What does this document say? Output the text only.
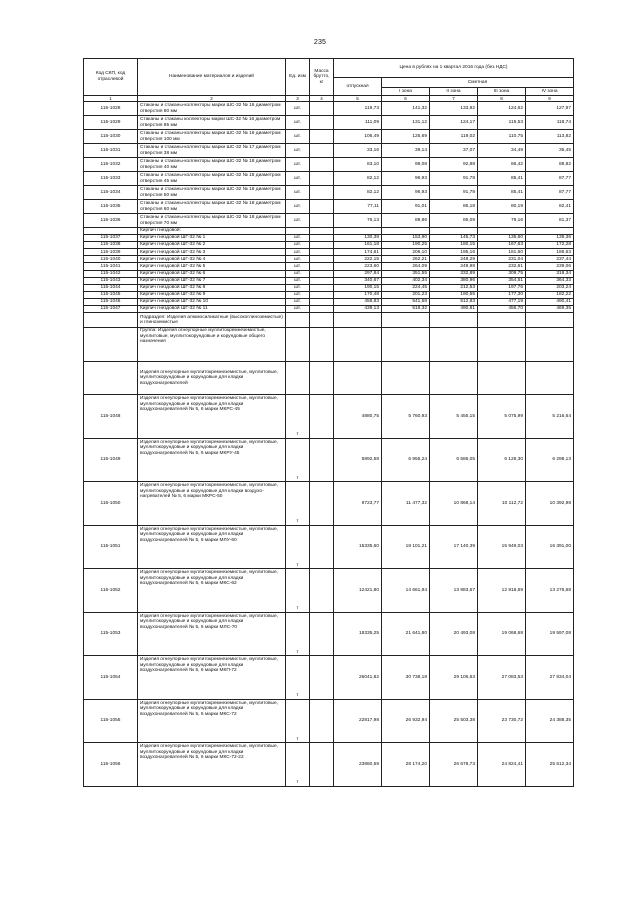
235
Код СКП, код отраслевой	Наименование материалов и изделий	Ед. изм	Масса брутто, кг	Цена в рублях на 1 квартал 2016 года (без НДС)				
				отпускная	Сметная			
					I зона	II зона	III зона	IV зона
1	2	3	4	5	6	7	8	9
115-1028	Стаканы и стаканы-коллекторы марки ШС-32 № 16 диаметром отверстия 80 мм	шт.		119,73	141,32	133,82	124,62	127,97
115-1029	Стаканы и стаканы коллекторы марки ШС-32 № 16 диаметром отверстия 85 мм	шт.		111,09	131,12	124,17	115,53	118,74
115-1030	Стаканы и стаканы-коллекторы марки ШС-32 № 16 диаметром отверстия 100 мм	шт.		106,49	125,69	119,02	110,75	113,82
115-1031	Стаканы и стаканы-коллекторы марки ШС-32 № 17 диаметром отверстия 38 мм	шт.		33,16	39,14	37,07	34,49	35,45
115-1032	Стаканы и стаканы-коллекторы марки ШС-32 № 18 диаметром отверстия 40 мм	шт.		83,10	98,08	92,88	86,42	88,82
115-1033	Стаканы и стаканы-коллекторы марки ШС-32 № 18 диаметром отверстия 45 мм	шт.		82,12	96,93	91,78	85,41	87,77
115-1034	Стаканы и стаканы-коллекторы марки ШС-32 № 18 диаметром отверстия 50 мм	шт.		82,12	96,93	91,78	85,41	87,77
115-1035	Стаканы и стаканы-коллекторы марки ШС-32 № 18 диаметром отверстия 60 мм	шт.		77,11	91,01	86,18	80,19	82,41
115-1036	Стаканы и стаканы-коллекторы марки ШС-32 № 18 диаметром отверстия 70 мм	шт.		76,13	89,86	85,09	79,16	81,37
	Кирпич гнездовой:							
115-1037	Кирпич гнездовой ШГ-32 № 1	шт.		130,38	153,90	145,73	135,60	139,36
115-1038	Кирпич гнездовой ШГ-32 № 2	шт.		161,18	190,25	180,15	167,63	172,28
115-1039	Кирпич гнездовой ШГ-32 № 3	шт.		174,61	206,10	195,16	181,60	186,63
115-1040	Кирпич гнездовой ШГ-32 № 4	шт.		222,15	262,21	248,29	231,04	237,44
115-1041	Кирпич гнездовой ШГ-32 № 5	шт.		223,60	264,09	249,98	232,61	239,06
115-1042	Кирпич гнездовой ШГ-32 № 6	шт.		297,84	351,55	332,89	309,75	318,34
115-1043	Кирпич гнездовой ШГ-32 № 7	шт.		340,67	402,34	380,96	354,51	364,33
115-1044	Кирпич гнездовой ШГ-32 № 8	шт.		190,15	224,45	212,53	197,76	203,24
115-1045	Кирпич гнездовой ШГ-32 № 9	шт.		170,48	201,23	190,55	177,30	182,22
115-1046	Кирпич гнездовой ШГ-32 № 10	шт.		458,83	541,58	512,83	477,19	490,41
115-1047	Кирпич гнездовой ШГ-32 № 11	шт.		439,13	518,32	490,81	456,70	469,35
	Подраздел: Изделия алюмосиликатные (высокоглиноземистые) и глиноземистые							
	Группа: Изделия огнеупорные муллитокремнеземистые, муллитовые, муллитокорундовые и корундовые общего назначения							
	Изделия огнеупорные муллитокремнеземистые, муллитовые, муллитокорундовые и корундовые для кладки воздухонагревателей							
115-1048	Изделия огнеупорные муллитокремнеземистые, муллитовые, муллитокорундовые и корундовые для кладки воздухонагревателей № 5, 6 марки МКРС-45	т		4880,75	5 760,93	5 455,15	5 075,99	5 216,64
115-1049	Изделия огнеупорные муллитокремнеземистые, муллитовые, муллитокорундовые и корундовые для кладки воздухонагревателей № 5, 6 марки МКРУ-45	т		5892,58	6 955,24	6 586,05	6 128,30	6 298,13
115-1050	Изделия огнеупорные муллитокремнеземистые, муллитовые, муллитокорундовые и корундовые для кладки воздухо-нагревателей № 5, 6 марки МКРС-50	т		9723,77	11 477,32	10 868,14	10 112,72	10 392,98
115-1051	Изделия огнеупорные муллитокремнеземистые, муллитовые, муллитокорундовые и корундовые для кладки воздухонагревателей № 5, 6 марки МЛУ-60	т		15335,60	18 101,21	17 140,39	15 949,03	16 391,00
115-1052	Изделия огнеупорные муллитокремнеземистые, муллитовые, муллитокорундовые и корундовые для кладки воздухонагревателей № 5, 6 марки МКС-62	т		12421,80	14 661,94	13 883,67	12 918,69	13 276,68
115-1053	Изделия огнеупорные муллитокремнеземистые, муллитовые, муллитокорундовые и корундовые для кладки воздухонагревателей № 5, 6 марки МЛС-70	т		18335,25	21 641,80	20 493,08	19 068,68	19 597,08
115-1054	Изделия огнеупорные муллитокремнеземистые, муллитовые, муллитокорундовые и корундовые для кладки воздухонагревателей № 5, 6 марки МКП-72	т		26041,82	30 738,18	29 106,63	27 083,53	27 834,04
115-1055	Изделия огнеупорные муллитокремнеземистые, муллитовые, муллитокорундовые и корундовые для кладки воздухонагревателей № 5, 6 марки МКС-72	т		22817,98	26 932,94	25 503,38	23 730,72	24 388,35
115-1056	Изделия огнеупорные муллитокремнеземистые, муллитовые, муллитокорундовые и корундовые для кладки воздухонагревателей № 5, 6 марки МКС-72-22	т		23860,59	28 174,20	26 678,73	24 824,41	25 512,34
